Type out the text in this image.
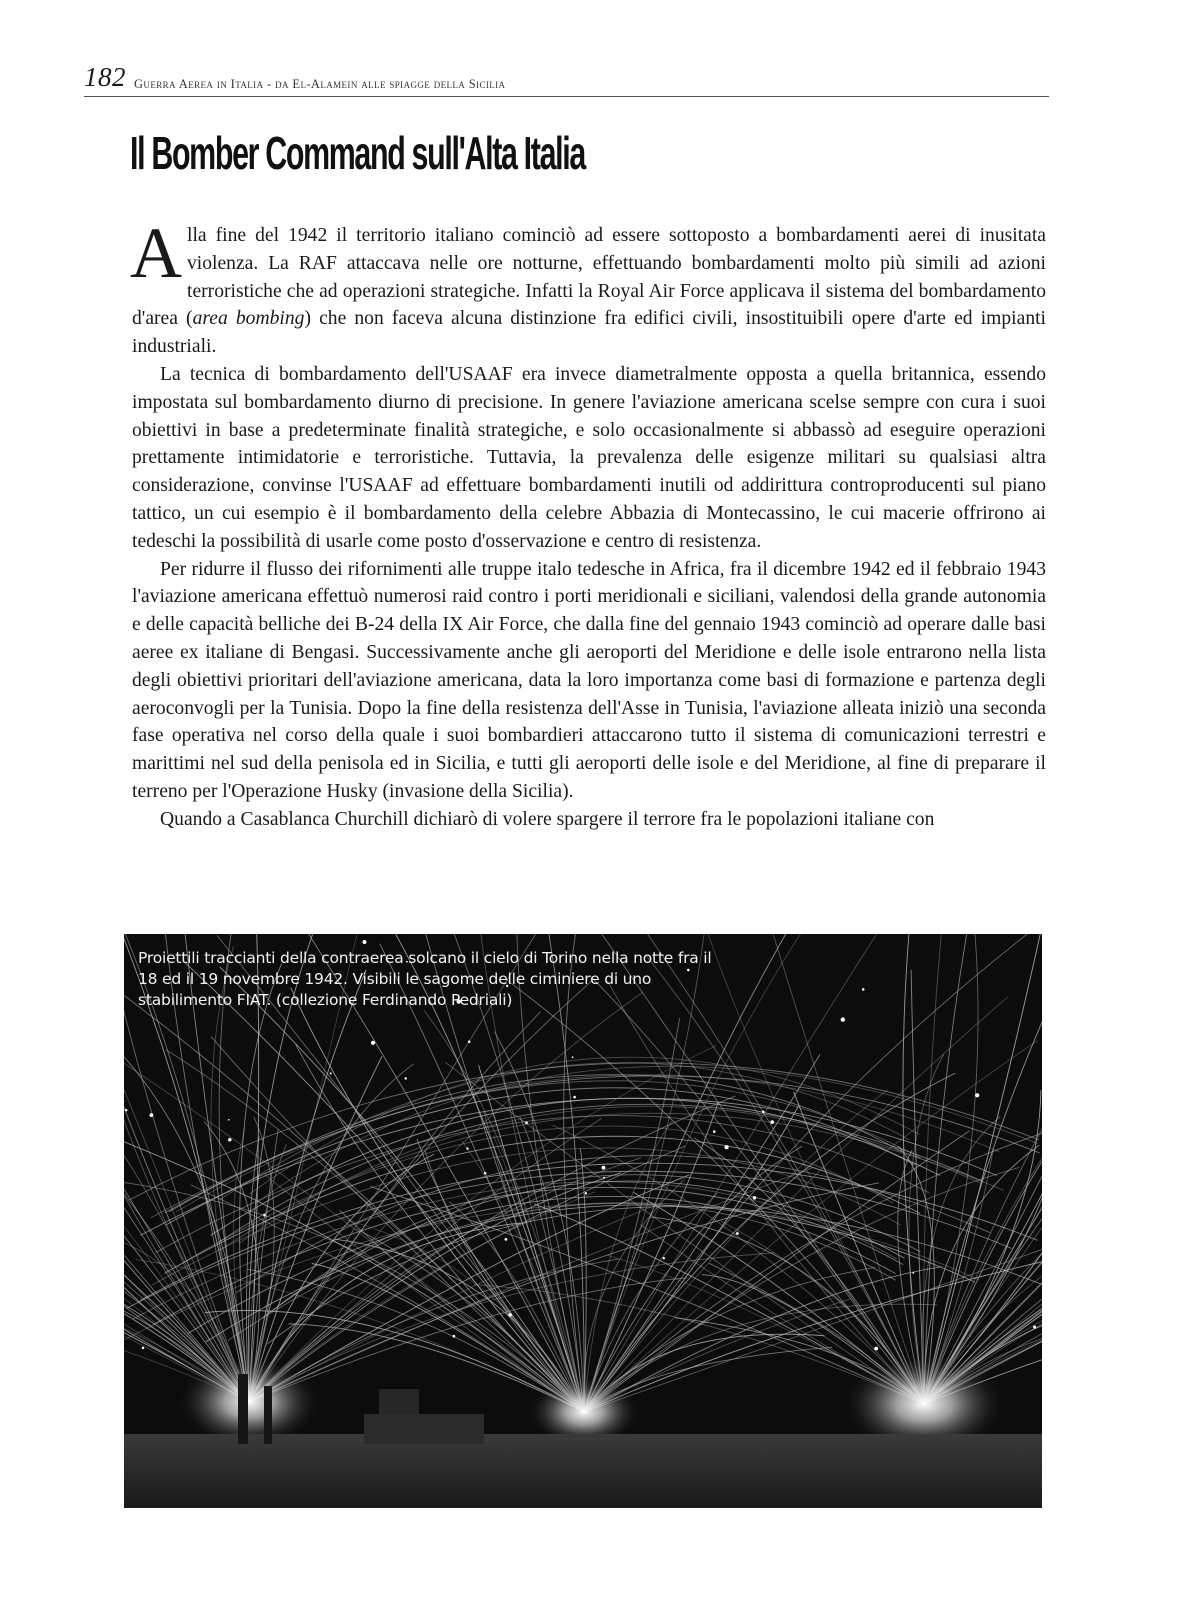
182 Guerra Aerea in Italia - da El-Alamein alle spiagge della Sicilia
Il Bomber Command sull'Alta Italia

Alla fine del 1942 il territorio italiano cominciò ad essere sottoposto a bombardamenti aerei di inusitata violenza. La RAF attaccava nelle ore notturne, effettuando bombardamenti molto più simili ad azioni terroristiche che ad operazioni strategiche. Infatti la Royal Air Force applicava il sistema del bombardamento d'area (area bombing) che non faceva alcuna distinzione fra edifici civili, insostituibili opere d'arte ed impianti industriali.

La tecnica di bombardamento dell'USAAF era invece diametralmente opposta a quella britannica, essendo impostata sul bombardamento diurno di precisione. In genere l'aviazione americana scelse sempre con cura i suoi obiettivi in base a predeterminate finalità strategiche, e solo occasionalmente si abbassò ad eseguire operazioni prettamente intimidatorie e terroristiche. Tuttavia, la prevalenza delle esigenze militari su qualsiasi altra considerazione, convinse l'USAAF ad effettuare bombardamenti inutili od addirittura controproducenti sul piano tattico, un cui esempio è il bombardamento della celebre Abbazia di Montecassino, le cui macerie offrirono ai tedeschi la possibilità di usarle come posto d'osservazione e centro di resistenza.

Per ridurre il flusso dei rifornimenti alle truppe italo tedesche in Africa, fra il dicembre 1942 ed il febbraio 1943 l'aviazione americana effettuò numerosi raid contro i porti meridionali e siciliani, valendosi della grande autonomia e delle capacità belliche dei B-24 della IX Air Force, che dalla fine del gennaio 1943 cominciò ad operare dalle basi aeree ex italiane di Bengasi. Successivamente anche gli aeroporti del Meridione e delle isole entrarono nella lista degli obiettivi prioritari dell'aviazione americana, data la loro importanza come basi di formazione e partenza degli aeroconvogli per la Tunisia. Dopo la fine della resistenza dell'Asse in Tunisia, l'aviazione alleata iniziò una seconda fase operativa nel corso della quale i suoi bombardieri attaccarono tutto il sistema di comunicazioni terrestri e marittimi nel sud della penisola ed in Sicilia, e tutti gli aeroporti delle isole e del Meridione, al fine di preparare il terreno per l'Operazione Husky (invasione della Sicilia).

Quando a Casablanca Churchill dichiarò di volere spargere il terrore fra le popolazioni italiane con

Proiettili traccianti della contraerea solcano il cielo di Torino nella notte fra il 18 ed il 19 novembre 1942. Visibili le sagome delle ciminiere di uno stabilimento FIAT. (collezione Ferdinando Pedriali)
